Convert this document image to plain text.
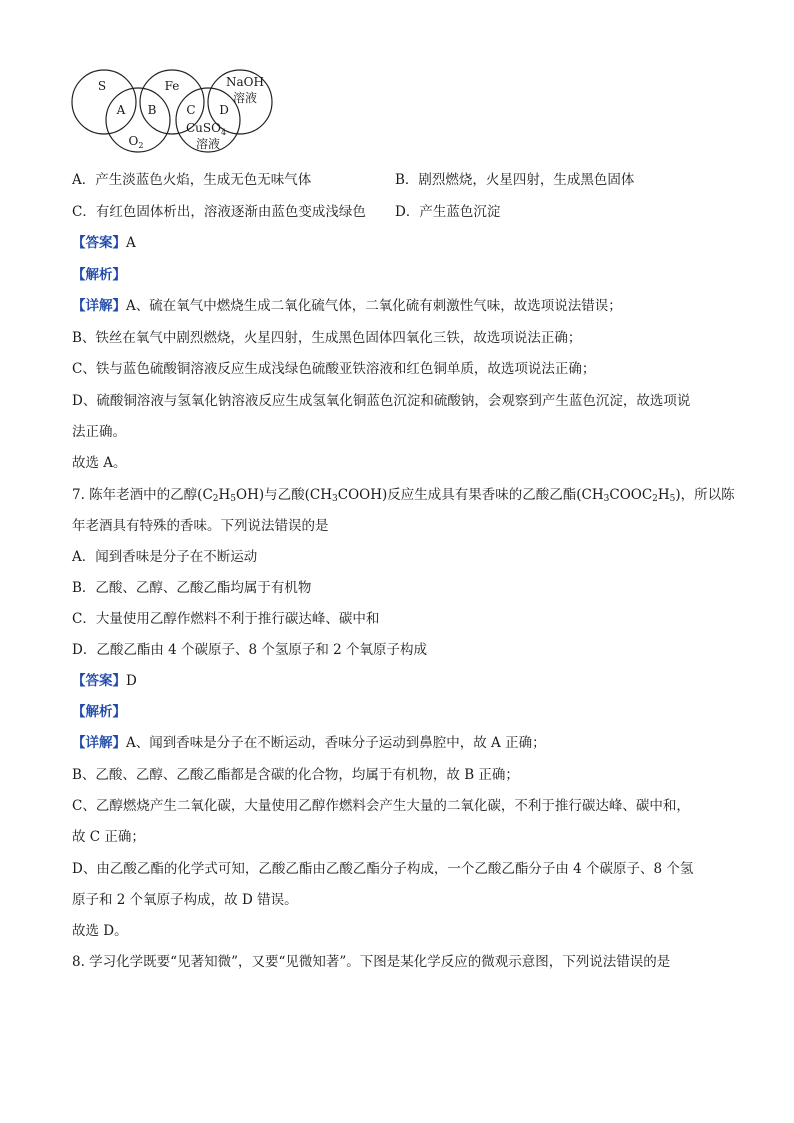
S	Fe	NaOH
溶液
A B C D
$O_2$
CuSO$_4$
溶液
A．产生淡蓝色火焰，生成无色无味气体	B．剧烈燃烧，火星四射，生成黑色固体
C．有红色固体析出，溶液逐渐由蓝色变成浅绿色 D．产生蓝色沉淀
【答案】A
【解析】
【详解】A、硫在氧气中燃烧生成二氧化硫气体，二氧化硫有刺激性气味，故选项说法错误；
B、铁丝在氧气中剧烈燃烧，火星四射，生成黑色固体四氧化三铁，故选项说法正确；
C、铁与蓝色硫酸铜溶液反应生成浅绿色硫酸亚铁溶液和红色铜单质，故选项说法正确；
D、硫酸铜溶液与氢氧化钠溶液反应生成氢氧化铜蓝色沉淀和硫酸钠，会观察到产生蓝色沉淀，故选项说
法正确。
故选 A。
7. 陈年老酒中的乙醇$(C_2H_5OH)$与乙酸$(CH_3COOH)$反应生成具有果香味的乙酸乙酯$(CH_3COOC_2H_5)$，所以陈
年老酒具有特殊的香味。下列说法错误的是
A．闻到香味是分子在不断运动
B．乙酸、乙醇、乙酸乙酯均属于有机物
C．大量使用乙醇作燃料不利于推行碳达峰、碳中和
D．乙酸乙酯由 4 个碳原子、8 个氢原子和 2 个氧原子构成
【答案】D
【解析】
【详解】A、闻到香味是分子在不断运动，香味分子运动到鼻腔中，故 A 正确；
B、乙酸、乙醇、乙酸乙酯都是含碳的化合物，均属于有机物，故 B 正确；
C、乙醇燃烧产生二氧化碳，大量使用乙醇作燃料会产生大量的二氧化碳，不利于推行碳达峰、碳中和，
故 C 正确；
D、由乙酸乙酯的化学式可知，乙酸乙酯由乙酸乙酯分子构成，一个乙酸乙酯分子由 4 个碳原子、8 个氢
原子和 2 个氧原子构成，故 D 错误。
故选 D。
8. 学习化学既要“见著知微”，又要“见微知著”。下图是某化学反应的微观示意图，下列说法错误的是
